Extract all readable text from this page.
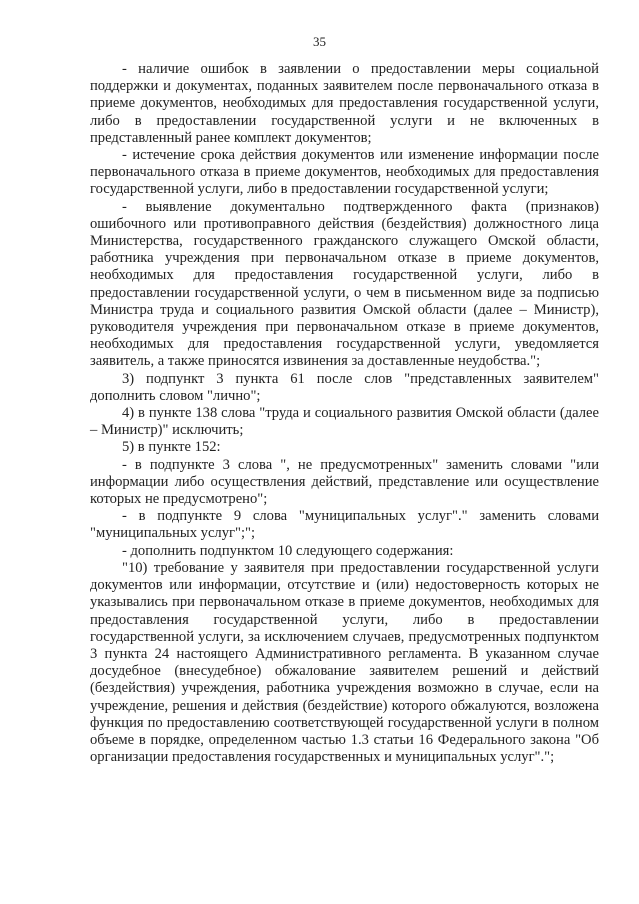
35

- наличие ошибок в заявлении о предоставлении меры социальной поддержки и документах, поданных заявителем после первоначального отказа в приеме документов, необходимых для предоставления государственной услуги, либо в предоставлении государственной услуги и не включенных в представленный ранее комплект документов;

- истечение срока действия документов или изменение информации после первоначального отказа в приеме документов, необходимых для предоставления государственной услуги, либо в предоставлении государственной услуги;

- выявление документально подтвержденного факта (признаков) ошибочного или противоправного действия (бездействия) должностного лица Министерства, государственного гражданского служащего Омской области, работника учреждения при первоначальном отказе в приеме документов, необходимых для предоставления государственной услуги, либо в предоставлении государственной услуги, о чем в письменном виде за подписью Министра труда и социального развития Омской области (далее – Министр), руководителя учреждения при первоначальном отказе в приеме документов, необходимых для предоставления государственной услуги, уведомляется заявитель, а также приносятся извинения за доставленные неудобства.";

3) подпункт 3 пункта 61 после слов "представленных заявителем" дополнить словом "лично";

4) в пункте 138 слова "труда и социального развития Омской области (далее – Министр)" исключить;

5) в пункте 152:

- в подпункте 3 слова ", не предусмотренных" заменить словами "или информации либо осуществления действий, представление или осуществление которых не предусмотрено";

- в подпункте 9 слова "муниципальных услуг"." заменить словами "муниципальных услуг";";

- дополнить подпунктом 10 следующего содержания:

"10) требование у заявителя при предоставлении государственной услуги документов или информации, отсутствие и (или) недостоверность которых не указывались при первоначальном отказе в приеме документов, необходимых для предоставления государственной услуги, либо в предоставлении государственной услуги, за исключением случаев, предусмотренных подпунктом 3 пункта 24 настоящего Административного регламента. В указанном случае досудебное (внесудебное) обжалование заявителем решений и действий (бездействия) учреждения, работника учреждения возможно в случае, если на учреждение, решения и действия (бездействие) которого обжалуются, возложена функция по предоставлению соответствующей государственной услуги в полном объеме в порядке, определенном частью 1.3 статьи 16 Федерального закона "Об организации предоставления государственных и муниципальных услуг".";
